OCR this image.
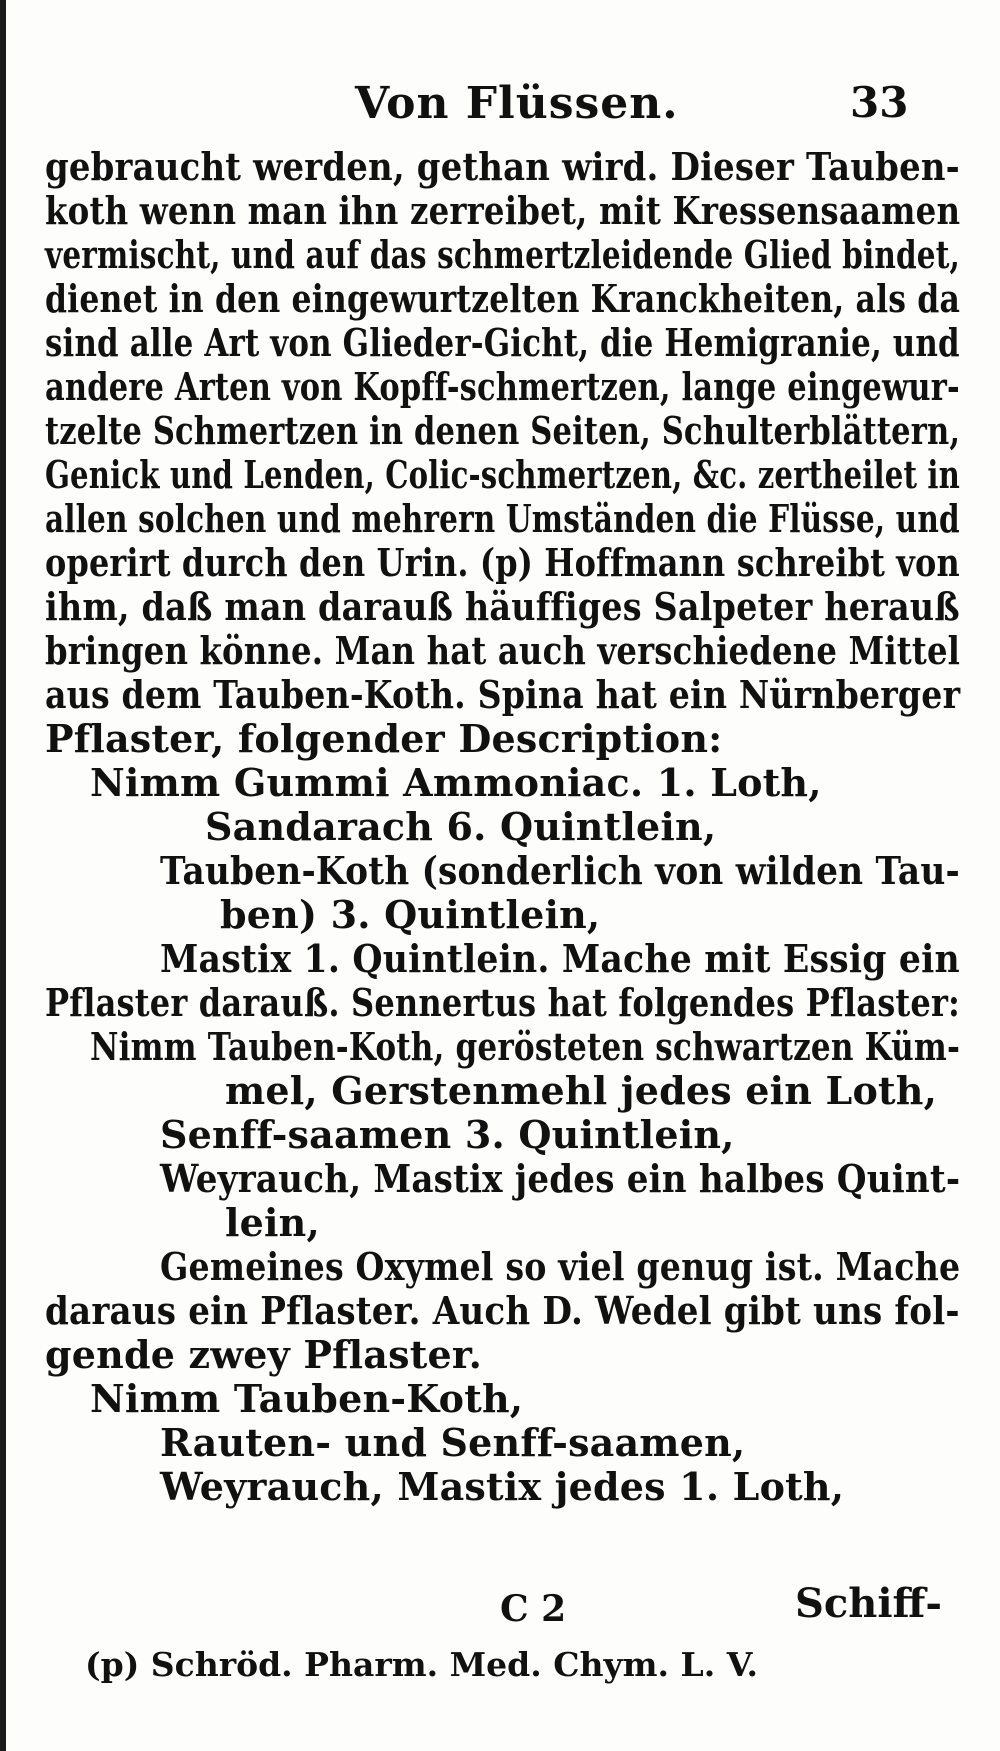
Von Flüssen.	33
gebraucht werden, gethan wird. Dieser Tauben-
koth wenn man ihn zerreibet, mit Kressensaamen
vermischt, und auf das schmertzleidende Glied bindet,
dienet in den eingewurtzelten Kranckheiten, als da
sind alle Art von Glieder-Gicht, die Hemigranie, und
andere Arten von Kopff-schmertzen, lange eingewur-
tzelte Schmertzen in denen Seiten, Schulterblättern,
Genick und Lenden, Colic-schmertzen, &c. zertheilet in
allen solchen und mehrern Umständen die Flüsse, und
operirt durch den Urin. (p) Hoffmann schreibt von
ihm, daß man darauß häuffiges Salpeter herauß
bringen könne. Man hat auch verschiedene Mittel
aus dem Tauben-Koth. Spina hat ein Nürnberger
Pflaster, folgender Description:
Nimm Gummi Ammoniac. 1. Loth,
Sandarach 6. Quintlein,
Tauben-Koth (sonderlich von wilden Tau-
ben) 3. Quintlein,
Mastix 1. Quintlein. Mache mit Essig ein
Pflaster darauß. Sennertus hat folgendes Pflaster:
Nimm Tauben-Koth, gerösteten schwartzen Küm-
mel, Gerstenmehl jedes ein Loth,
Senff-saamen 3. Quintlein,
Weyrauch, Mastix jedes ein halbes Quint-
lein,
Gemeines Oxymel so viel genug ist. Mache
daraus ein Pflaster. Auch D. Wedel gibt uns fol-
gende zwey Pflaster.
Nimm Tauben-Koth,
Rauten- und Senff-saamen,
Weyrauch, Mastix jedes 1. Loth,
C 2	Schiff-
(p) Schröd. Pharm. Med. Chym. L. V.
